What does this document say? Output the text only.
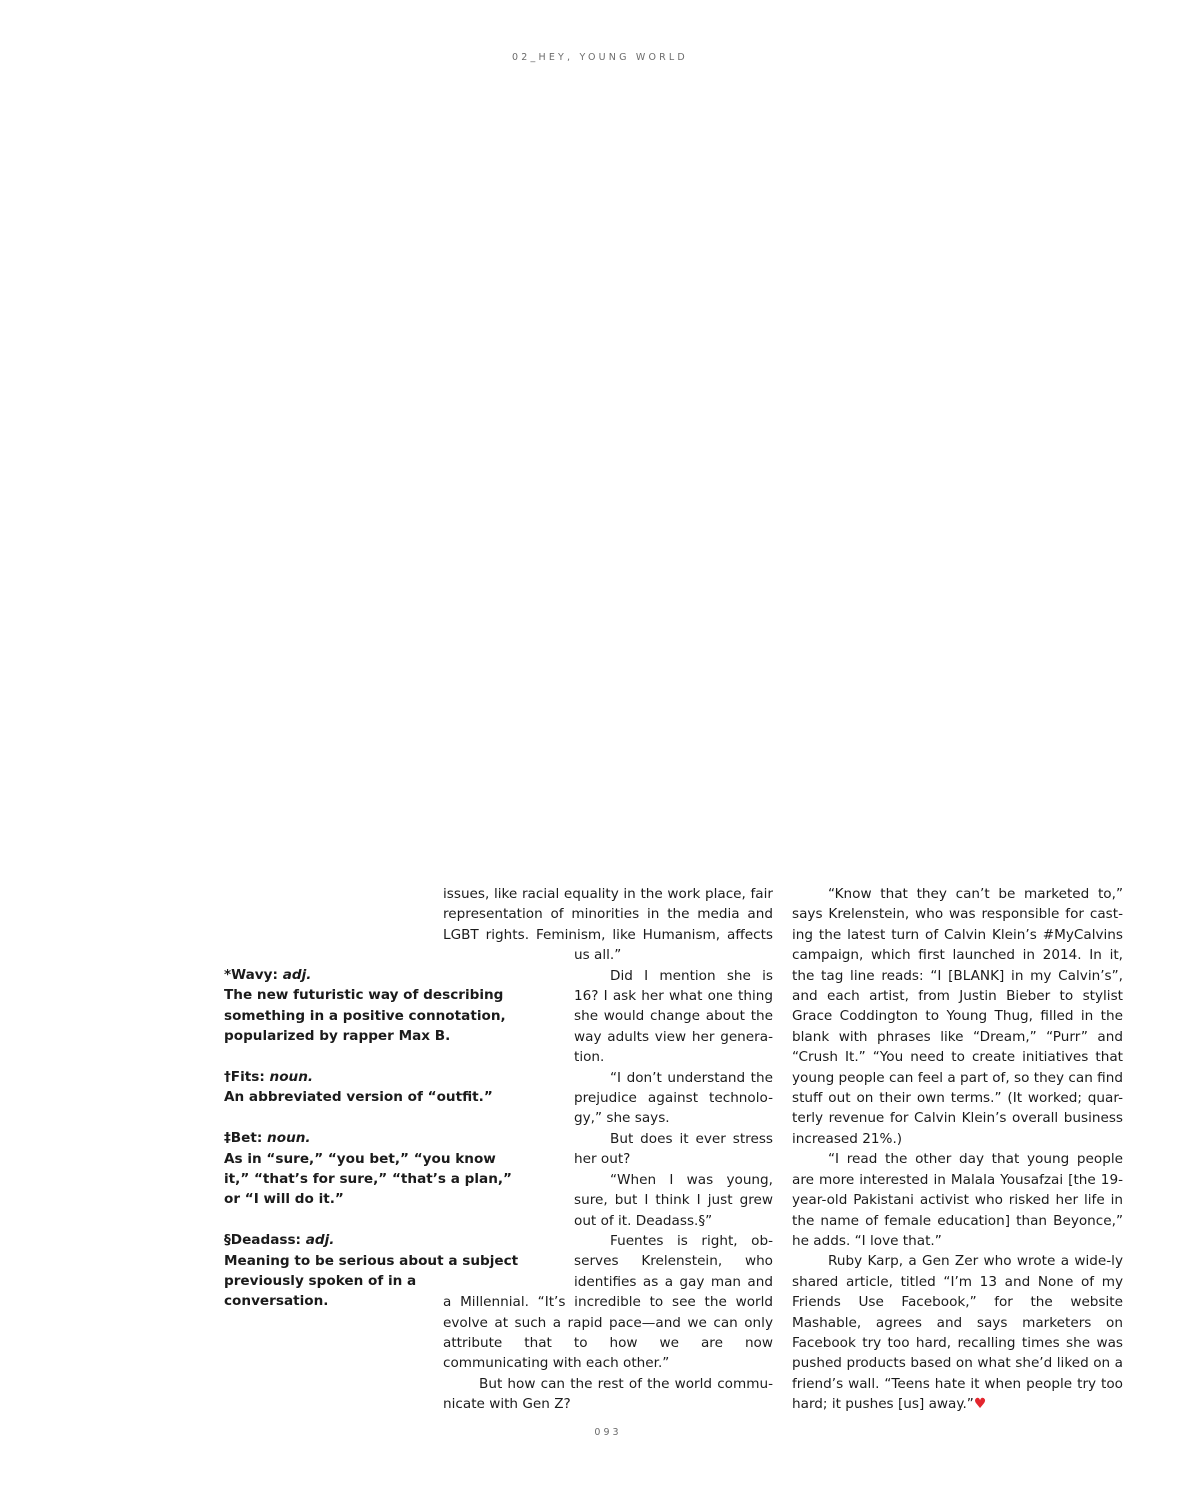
02_HEY, YOUNG WORLD

issues, like racial equality in the work place, fair representation of minorities in the media and LGBT rights. Feminism, like Humanism, affects us all.”

Did I mention she is 16? I ask her what one thing she would change about the way adults view her genera-tion.

“I don’t understand the prejudice against technolo-gy,” she says.

But does it ever stress her out?

“When I was young, sure, but I think I just grew out of it. Deadass.§”

Fuentes is right, ob-serves Krelenstein, who identifies as a gay man and a Millennial. “It’s incredible to see the world evolve at such a rapid pace—and we can only attribute that to how we are now communicating with each other.”

But how can the rest of the world commu-nicate with Gen Z?

*Wavy: adj.
The new futuristic way of describing something in a positive connotation, popularized by rapper Max B.
†Fits: noun.
An abbreviated version of “outfit.”
‡Bet: noun.
As in “sure,” “you bet,” “you know it,” “that’s for sure,” “that’s a plan,” or “I will do it.”
§Deadass: adj.
Meaning to be serious about a subject previously spoken of in a conversation.

“Know that they can’t be marketed to,” says Krelenstein, who was responsible for cast-ing the latest turn of Calvin Klein’s #MyCalvins campaign, which first launched in 2014. In it, the tag line reads: “I [BLANK] in my Calvin’s”, and each artist, from Justin Bieber to stylist Grace Coddington to Young Thug, filled in the blank with phrases like “Dream,” “Purr” and “Crush It.” “You need to create initiatives that young people can feel a part of, so they can find stuff out on their own terms.” (It worked; quar-terly revenue for Calvin Klein’s overall business increased 21%.)

“I read the other day that young people are more interested in Malala Yousafzai [the 19-year-old Pakistani activist who risked her life in the name of female education] than Beyonce,” he adds. “I love that.”

Ruby Karp, a Gen Zer who wrote a wide-ly shared article, titled “I’m 13 and None of my Friends Use Facebook,” for the website Mashable, agrees and says marketers on Facebook try too hard, recalling times she was pushed products based on what she’d liked on a friend’s wall. “Teens hate it when people try too hard; it pushes [us] away.”♥

093
